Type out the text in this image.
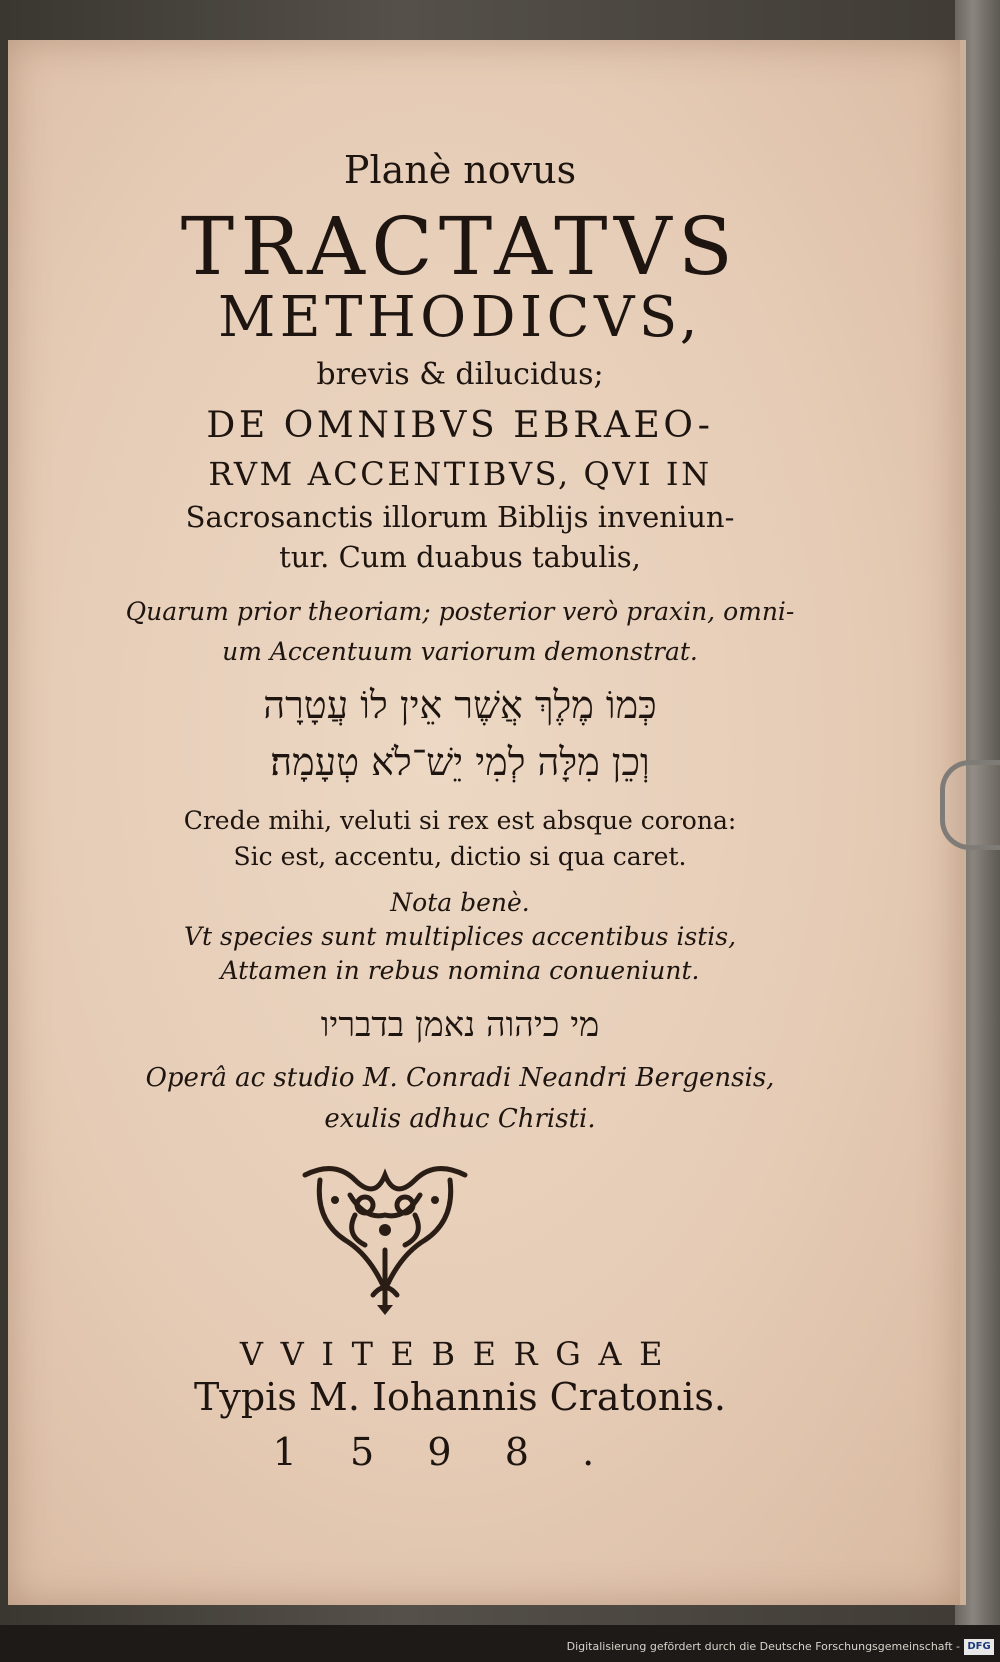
Planè novus
TRACTATVS
METHODICVS,
brevis & dilucidus;
DE OMNIBVS EBRAEO-
RVM ACCENTIBVS, QVI IN
Sacrosanctis illorum Biblijs inveniun-
tur. Cum duabus tabulis,
Quarum prior theoriam; posterior verò praxin, omni-
um Accentuum variorum demonstrat.
כְּמוֹ מֶלֶךְ אֲשֶׁר אֵין לוֹ עֲטָרָה
וְכֵן מִלָּה לְמִי יֵשׁ־לֹא טְעָמָה׃
Crede mihi, veluti si rex est absque corona:
Sic est, accentu, dictio si qua caret.
Nota benè.
Vt species sunt multiplices accentibus istis,
Attamen in rebus nomina conueniunt.
מי כיהוה נאמן בדבריו
Operâ ac studio M. Conradi Neandri Bergensis,
exulis adhuc Christi.
VVITEBERGAE
Typis M. Iohannis Cratonis.
1598.
Digitalisierung gefördert durch die Deutsche Forschungsgemeinschaft - DFG
